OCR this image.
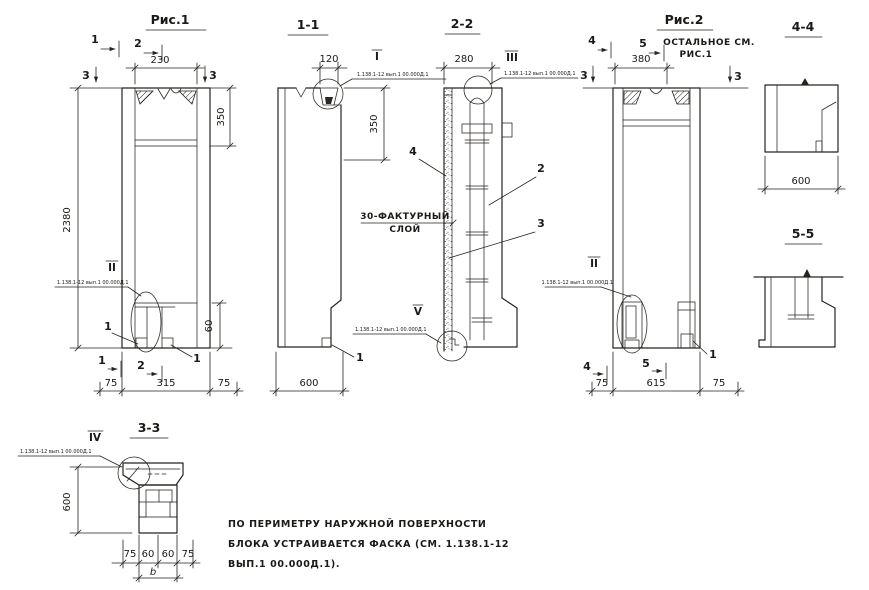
Рис.1
1	2
3	3
230
350
2380
60
1
1
II
1.138.1-12 вып.1 00.000Д.1
1	2
75	315	75
1-1
120	I
1.138.1-12 вып.1 00.000Д.1
350
600
1
2-2
280	III
1.138.1-12 вып.1 00.000Д.1
V
1.138.1-12 вып.1 00.000Д.1
30-ФАКТУРНЫЙ
СЛОЙ
4
2
3
Рис.2
ОСТАЛЬНОЕ СМ.
РИС.1
4	5
3	3
380
II
1.138.1-12 вып.1 00.000Д.1
1
4	5
75	615	75
4-4
600
5-5
3-3
IV
1.138.1-12 вып.1 00.000Д.1
600
75 60 60 75
b
ПО ПЕРИМЕТРУ НАРУЖНОЙ ПОВЕРХНОСТИ
БЛОКА УСТРАИВАЕТСЯ ФАСКА (СМ. 1.138.1-12
ВЫП.1 00.000Д.1).
